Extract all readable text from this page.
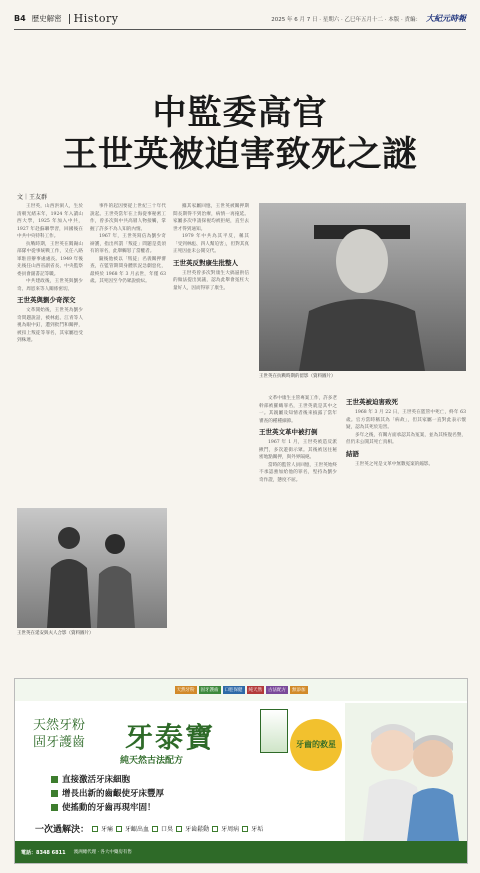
B4 歷史解密 History	2025 年 6 月 7 日 · 星期六 · 乙巳年五月十二 · 本版 · 責編： 大紀元時報
中監委高官
王世英被迫害致死之謎
文｜王友群

王世英，山西洪洞人，生於清朝光緒末年，1924 年入讀山西大學，1925 年加入中共，1927 年赴蘇聯學習，回國後在中共中央特科工作。

抗戰時期，王世英在閻錫山部隊中從事統戰工作，又任八路軍駐晉辦事處處長。1949 年後先後任山西省副省長、中央監察委員會副書記等職。

中共建政後，王世英與劉少奇、周恩來等人關係密切。

王世英與劉少奇深交

文革開始後，王世英為劉少奇問題說話，被林彪、江青等人視為眼中釘，遭到批鬥和關押，被扣上叛徒等罪名，其家屬也受到株連。

事件的起因要從上世紀三十年代說起。王世英當年在上海從事秘密工作，曾多次與中共高層人物接觸，掌握了許多不為人知的內情。

1967 年，王世英寫信為劉少奇辯護，指出所謂「叛徒」問題是莫須有的罪名，此舉觸怒了當權者。

隨後他被以「叛徒」名義關押審查，在監管期間身體狀況急劇惡化，最終於 1968 年 3 月去世，年僅 63 歲。其死因至今仍眾說紛紜。

據其家屬回憶，王世英被關押期間長期得不到治療，病情一再拖延。家屬多次申請探視均被拒絕，直至去世才得到通知。

1979 年中共為其平反，稱其「受到林彪、四人幫迫害」，但對其真正死因並未公開交代。

王世英反對康生批整人

王世英曾多次對康生大搞逼供信的做法提出異議，認為此舉會冤枉大量好人，因而得罪了康生。

文革中康生主管專案工作，許多老幹部被羅織罪名，王世英就是其中之一。其親屬及知情者後來披露了當年審查的種種細節。

王世英文革中被打倒

1967 年 1 月，王世英被造反派揪鬥，多次遊街示眾。其後被送往秘密地點關押，與外界隔絕。

當時的監管人員回憶，王世英始終不承認強加給他的罪名，堅持為劉少奇作證，態度不屈。

王世英被迫害致死

1968 年 3 月 22 日，王世英在監管中死亡，終年 63 歲。官方當時稱其為「病故」，但其家屬一直對此表示懷疑，認為其死於迫害。

多年之後，有關方面承認其為冤案，並為其恢復名譽，但仍未公開其死亡真相。

結語

王世英之死是文革中無數冤案的縮影。

王世英在延安與夫人合影（資料圖片）
王世英在抗戰時期的留影（資料圖片）
天然牙粉	固牙護齒	口腔保健	純天然	古法配方	無添加
天然牙粉
固牙護齒 牙泰寶
純天然古法配方
牙齒的救星
直接激活牙床細胞
增長出新的齒齦使牙床豐厚
使搖動的牙齒再現牢固！
一次過解決： 牙痛 牙齦出血 口臭 牙齒鬆動 牙周病 牙垢
電話：8348 6811 澳洲總代理 · 各大中藥房有售
